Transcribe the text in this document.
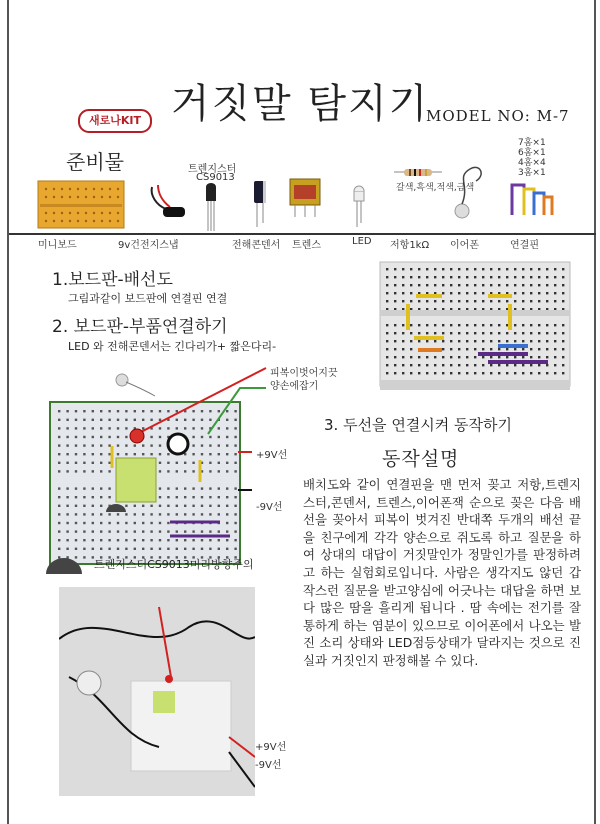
거짓말 탐지기
새로나KIT	MODEL NO: M-7
준비물	트렌지스터
CS9013
갈색,흑색,적색,금색
7홈×1
6홈×1
4홈×4
3홈×1
미니보드	9v건전지스냅	전해콘덴서 트렌스	LED 저항1kΩ 이어폰	연결핀
1.보드판-배선도
그림과같이 보드판에 연결핀 연결
2. 보드판-부품연결하기
LED 와 전해콘덴서는 긴다리가+ 짧은다리-
피복이벗어지끗
양손에잡기
+9V선
-9V선
트렌지스터CS9013미리방향주의
3. 두선을 연결시켜 동작하기
동작설명
배치도와 같이 연결핀을 맨 먼저 꽂고 저항,트렌지스터,콘덴서, 트렌스,이어폰잭 순으로 꽂은 다음 배선을 꽂아서 피복이 벗겨진 반대쪽 두개의 배선 끝을 친구에게 각각 양손으로 쥐도록 하고 질문을 하여 상대의 대답이 거짓말인가 정말인가를 판정하려고 하는 실험회로입니다. 사람은 생각지도 않던 갑작스런 질문을 받고양심에 어긋나는 대답을 하면 보다 많은 땀을 흘리게 됩니다 . 땀 속에는 전기를 잘 통하게 하는 염분이 있으므로 이어폰에서 나오는 발진 소리 상태와 LED점등상태가 달라지는 것으로 진실과 거짓인지 판정해볼 수 있다.
+9V선
-9V선
